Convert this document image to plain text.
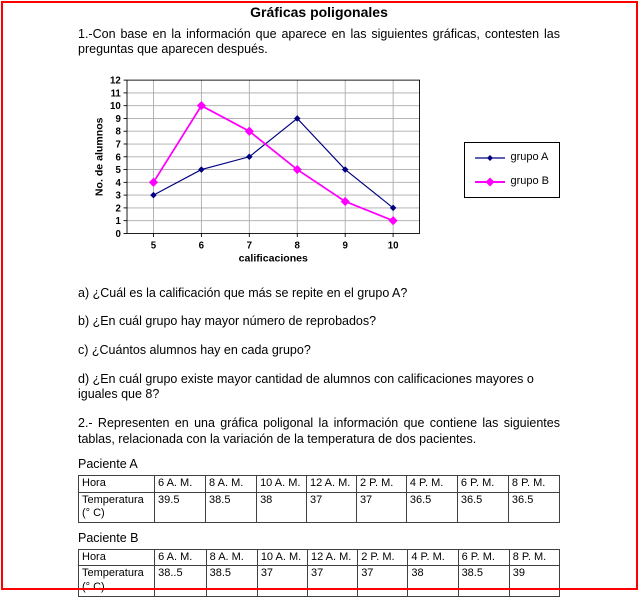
Gráficas poligonales

1.-Con base en la información que aparece en las siguientes gráficas, contesten las preguntas que aparecen después.

No. de alumnos
calificaciones
0
1
2
3
4
5
6
7
8
9
10
11
12
5	6	7	8	9	10
grupo A
grupo B

a) ¿Cuál es la calificación que más se repite en el grupo A?

b) ¿En cuál grupo hay mayor número de reprobados?

c) ¿Cuántos alumnos hay en cada grupo?

d) ¿En cuál grupo existe mayor cantidad de alumnos con calificaciones mayores o iguales que 8?

2.- Representen en una gráfica poligonal la información que contiene las siguientes tablas, relacionada con la variación de la temperatura de dos pacientes.

Paciente A
Hora	6 A. M.	8 A. M.	10 A. M.	12 A. M.	2 P. M.	4 P. M.	6 P. M.	8 P. M.
Temperatura (° C)	39.5	38.5	38	37	37	36.5	36.5	36.5
Paciente B
Hora	6 A. M.	8 A. M.	10 A. M.	12 A. M.	2 P. M.	4 P. M.	6 P. M.	8 P. M.
Temperatura (° C)	38..5	38.5	37	37	37	38	38.5	39
